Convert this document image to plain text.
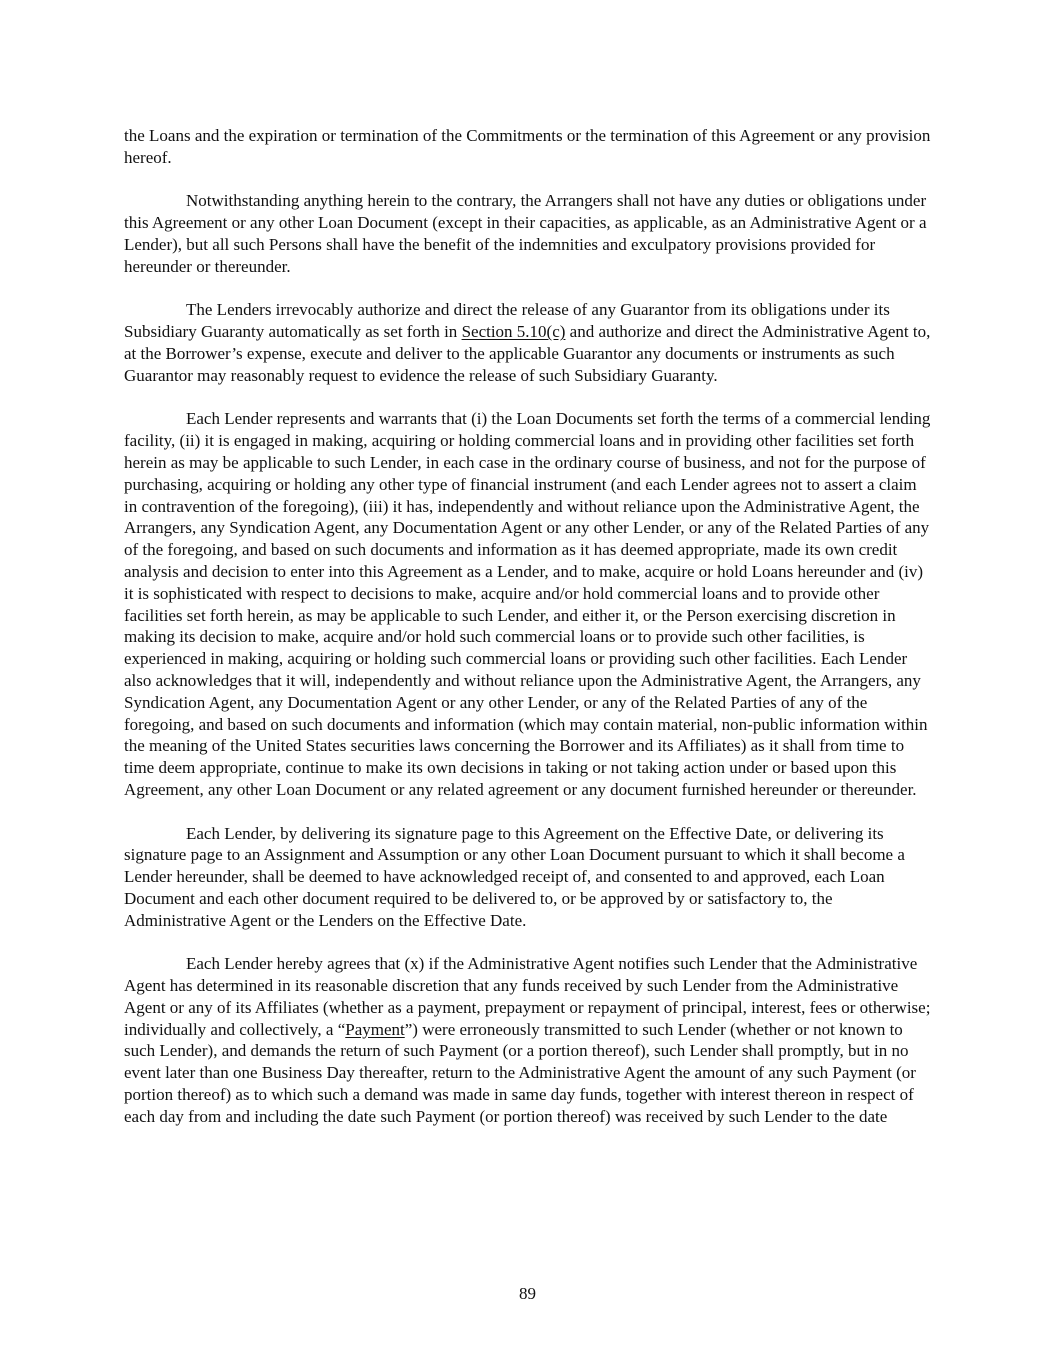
the Loans and the expiration or termination of the Commitments or the termination of this Agreement or any provision hereof.

Notwithstanding anything herein to the contrary, the Arrangers shall not have any duties or obligations under this Agreement or any other Loan Document (except in their capacities, as applicable, as an Administrative Agent or a Lender), but all such Persons shall have the benefit of the indemnities and exculpatory provisions provided for hereunder or thereunder.

The Lenders irrevocably authorize and direct the release of any Guarantor from its obligations under its Subsidiary Guaranty automatically as set forth in Section 5.10(c) and authorize and direct the Administrative Agent to, at the Borrower’s expense, execute and deliver to the applicable Guarantor any documents or instruments as such Guarantor may reasonably request to evidence the release of such Subsidiary Guaranty.

Each Lender represents and warrants that (i) the Loan Documents set forth the terms of a commercial lending facility, (ii) it is engaged in making, acquiring or holding commercial loans and in providing other facilities set forth herein as may be applicable to such Lender, in each case in the ordinary course of business, and not for the purpose of purchasing, acquiring or holding any other type of financial instrument (and each Lender agrees not to assert a claim in contravention of the foregoing), (iii) it has, independently and without reliance upon the Administrative Agent, the Arrangers, any Syndication Agent, any Documentation Agent or any other Lender, or any of the Related Parties of any of the foregoing, and based on such documents and information as it has deemed appropriate, made its own credit analysis and decision to enter into this Agreement as a Lender, and to make, acquire or hold Loans hereunder and (iv) it is sophisticated with respect to decisions to make, acquire and/or hold commercial loans and to provide other facilities set forth herein, as may be applicable to such Lender, and either it, or the Person exercising discretion in making its decision to make, acquire and/or hold such commercial loans or to provide such other facilities, is experienced in making, acquiring or holding such commercial loans or providing such other facilities. Each Lender also acknowledges that it will, independently and without reliance upon the Administrative Agent, the Arrangers, any Syndication Agent, any Documentation Agent or any other Lender, or any of the Related Parties of any of the foregoing, and based on such documents and information (which may contain material, non-public information within the meaning of the United States securities laws concerning the Borrower and its Affiliates) as it shall from time to time deem appropriate, continue to make its own decisions in taking or not taking action under or based upon this Agreement, any other Loan Document or any related agreement or any document furnished hereunder or thereunder.

Each Lender, by delivering its signature page to this Agreement on the Effective Date, or delivering its signature page to an Assignment and Assumption or any other Loan Document pursuant to which it shall become a Lender hereunder, shall be deemed to have acknowledged receipt of, and consented to and approved, each Loan Document and each other document required to be delivered to, or be approved by or satisfactory to, the Administrative Agent or the Lenders on the Effective Date.

Each Lender hereby agrees that (x) if the Administrative Agent notifies such Lender that the Administrative Agent has determined in its reasonable discretion that any funds received by such Lender from the Administrative Agent or any of its Affiliates (whether as a payment, prepayment or repayment of principal, interest, fees or otherwise; individually and collectively, a “Payment”) were erroneously transmitted to such Lender (whether or not known to such Lender), and demands the return of such Payment (or a portion thereof), such Lender shall promptly, but in no event later than one Business Day thereafter, return to the Administrative Agent the amount of any such Payment (or portion thereof) as to which such a demand was made in same day funds, together with interest thereon in respect of each day from and including the date such Payment (or portion thereof) was received by such Lender to the date

89
